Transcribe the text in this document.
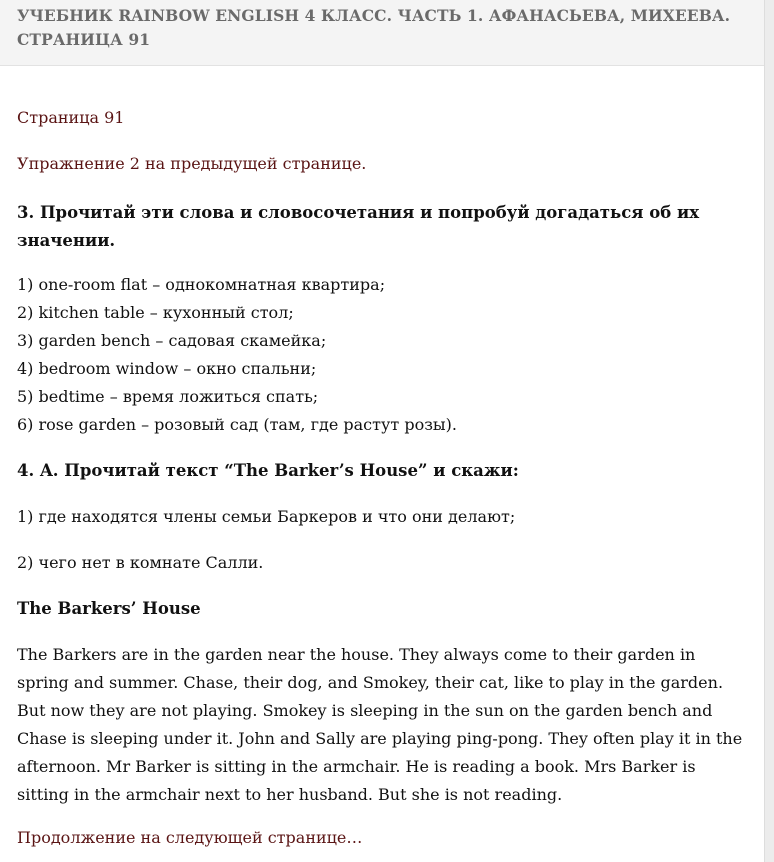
УЧЕБНИК RAINBOW ENGLISH 4 КЛАСС. ЧАСТЬ 1. АФАНАСЬЕВА, МИХЕЕВА. СТРАНИЦА 91

Страница 91

Упражнение 2 на предыдущей странице.

3. Прочитай эти слова и словосочетания и попробуй догадаться об их значении.

1) one-room flat – однокомнатная квартира;
2) kitchen table – кухонный стол;
3) garden bench – садовая скамейка;
4) bedroom window – окно спальни;
5) bedtime – время ложиться спать;
6) rose garden – розовый сад (там, где растут розы).

4. A. Прочитай текст “The Barker’s House” и скажи:

1) где находятся члены семьи Баркеров и что они делают;

2) чего нет в комнате Салли.

The Barkers’ House

The Barkers are in the garden near the house. They always come to their garden in spring and summer. Chase, their dog, and Smokey, their cat, like to play in the garden. But now they are not playing. Smokey is sleeping in the sun on the garden bench and Chase is sleeping under it. John and Sally are playing ping-pong. They often play it in the afternoon. Mr Barker is sitting in the armchair. He is reading a book. Mrs Barker is sitting in the armchair next to her husband. But she is not reading.

Продолжение на следующей странице…
